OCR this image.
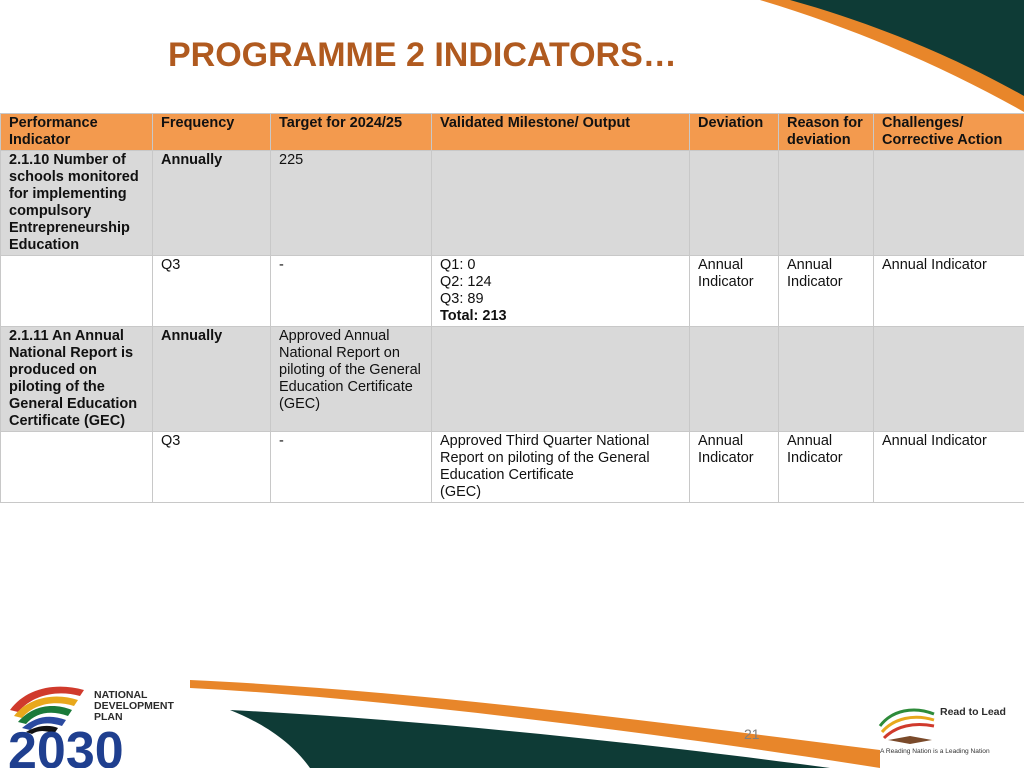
PROGRAMME 2 INDICATORS…
Performance Indicator	Frequency	Target for 2024/25	Validated Milestone/ Output	Deviation	Reason for deviation	Challenges/ Corrective Action
2.1.10 Number of schools monitored for implementing compulsory Entrepreneurship Education	Annually	225				
	Q3	-	Q1: 0
Q2: 124
Q3: 89
Total: 213	Annual Indicator	Annual Indicator	Annual Indicator
2.1.11 An Annual National Report is produced on piloting of the General Education Certificate (GEC)	Annually	Approved Annual National Report on piloting of the General Education Certificate
(GEC)				

	Q3	-	Approved Third Quarter National Report on piloting of the General Education Certificate
(GEC)	Annual Indicator	Annual Indicator	Annual Indicator
21
NATIONAL
DEVELOPMENT
PLAN
2030
Read to Lead
A Reading Nation is a Leading Nation
